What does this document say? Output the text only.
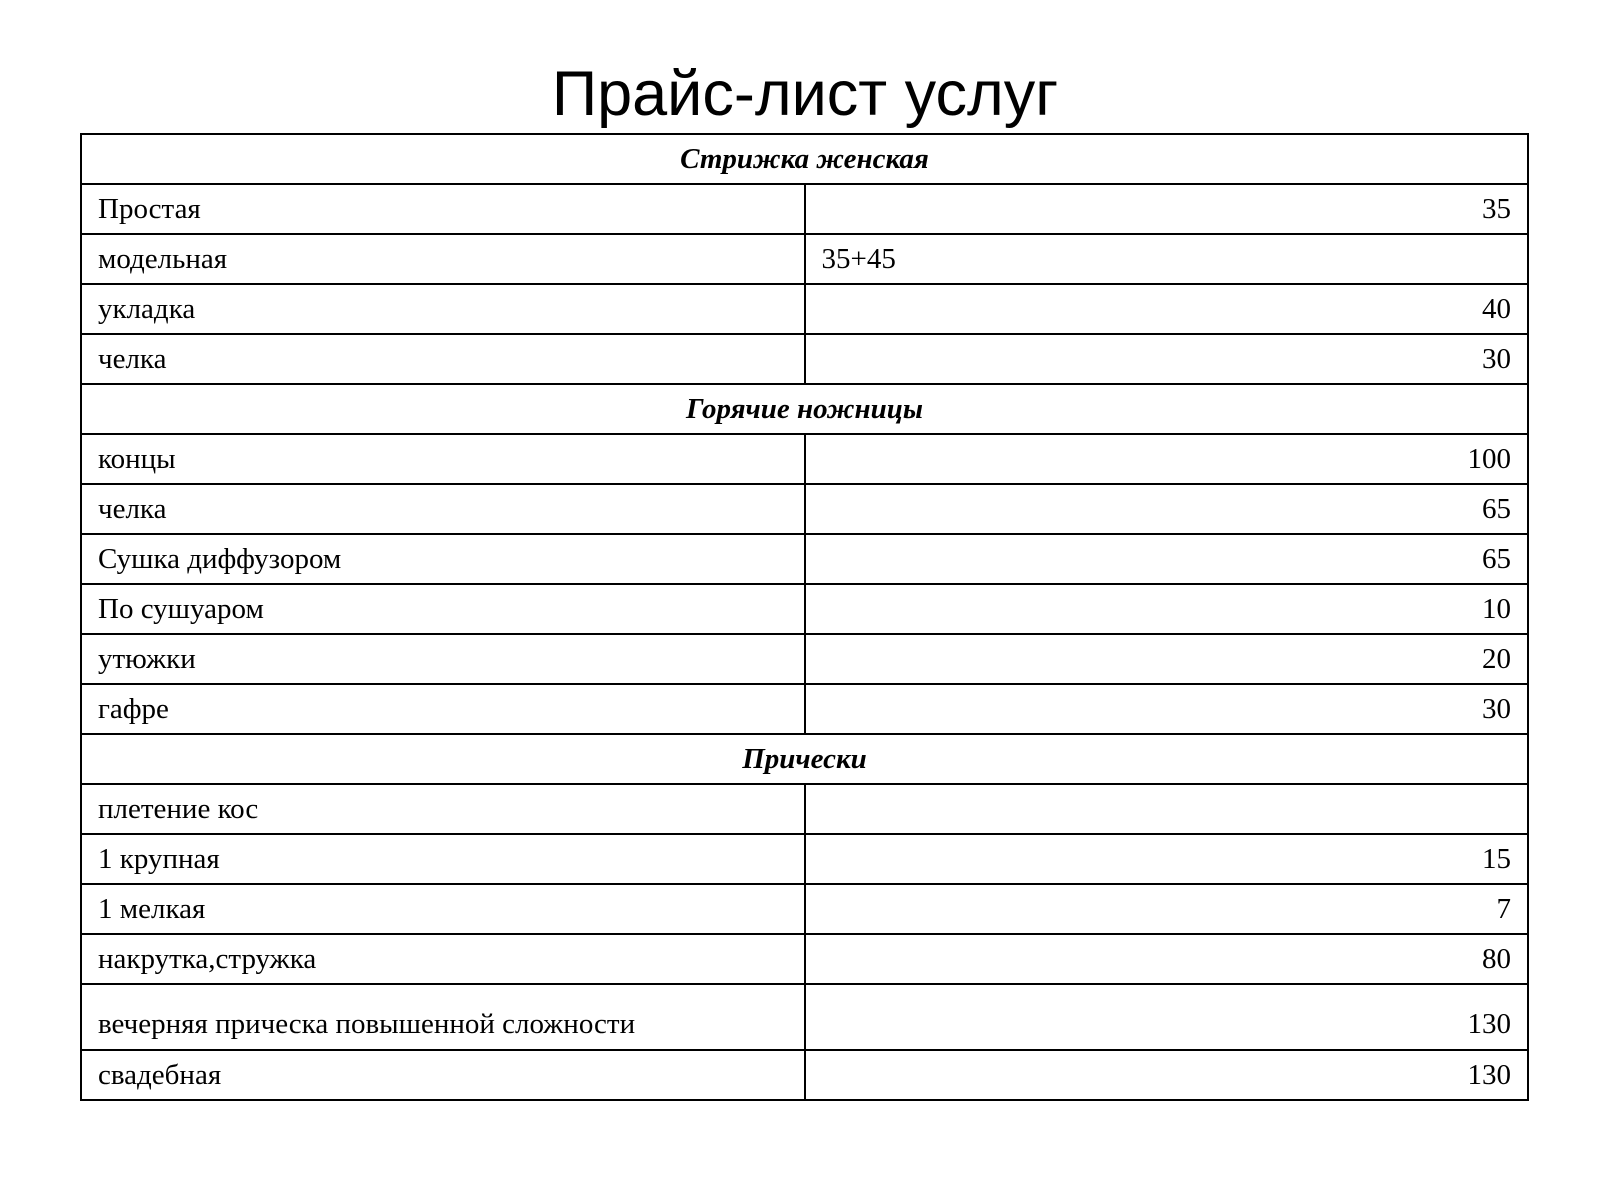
Прайс-лист услуг
Стрижка женская	
Простая	35
модельная	35+45
укладка	40
челка	30
Горячие ножницы	
концы	100
челка	65
Сушка диффузором	65
По сушуаром	10
утюжки	20
гафре	30
Прически	
плетение кос	
1 крупная	15
1 мелкая	7
накрутка,стружка	80
вечерняя прическа повышенной сложности	130
свадебная	130
